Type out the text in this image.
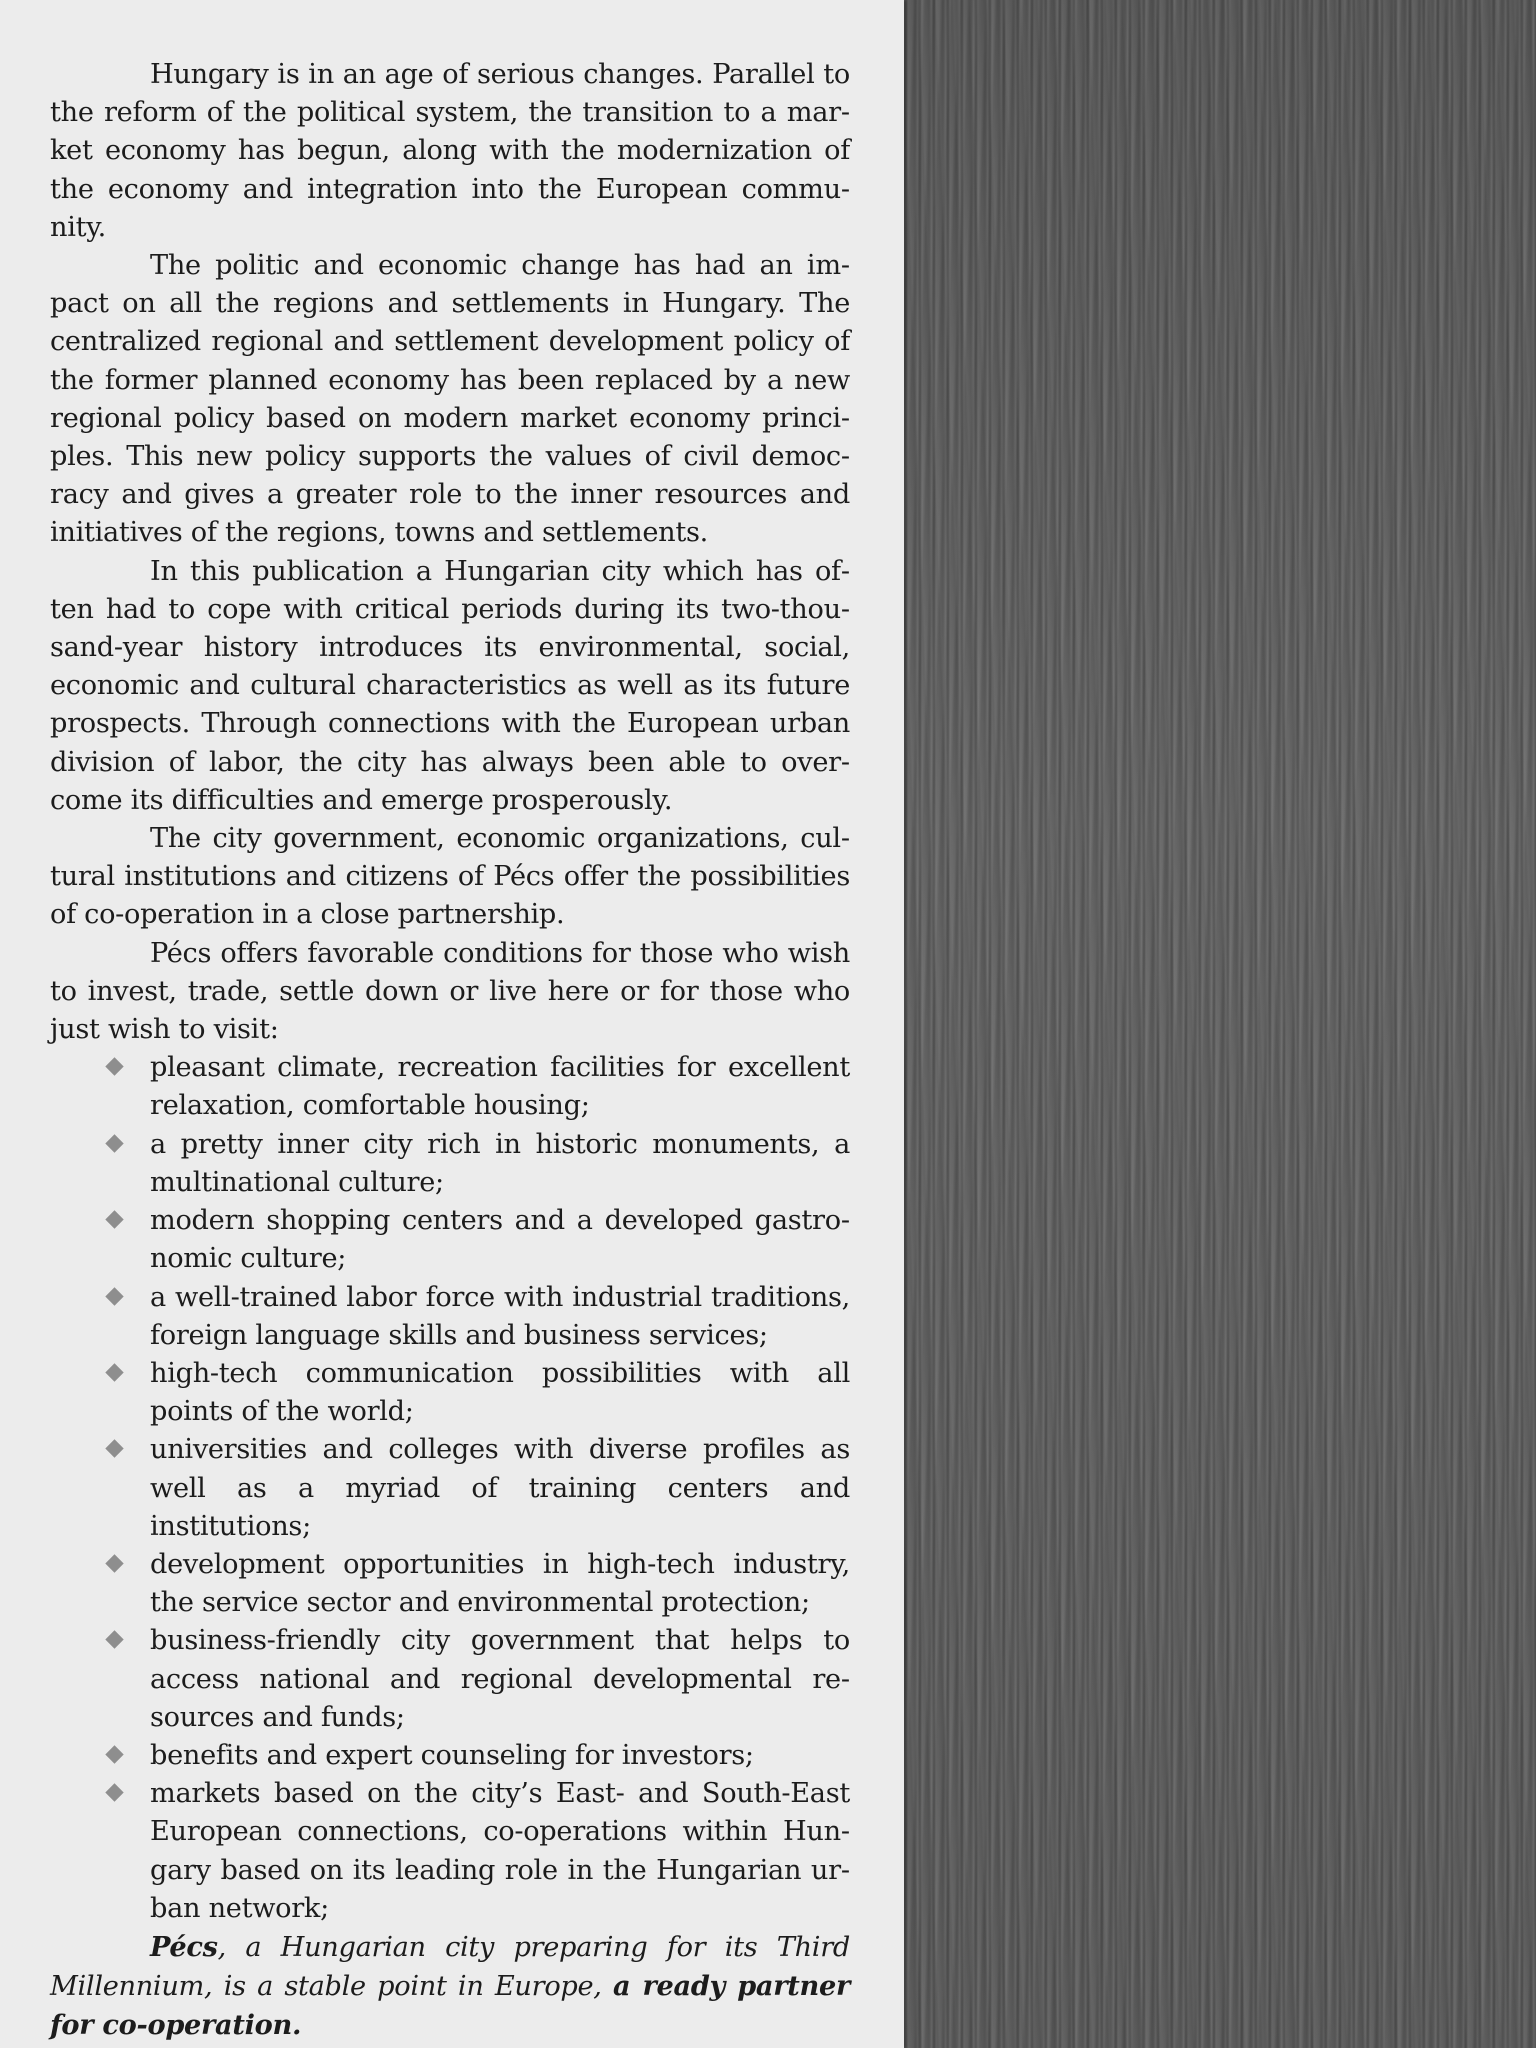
Hungary is in an age of serious changes. Parallel to the reform of the political system, the transition to a market economy has begun, along with the modernization of the economy and integration into the European community.

The politic and economic change has had an impact on all the regions and settlements in Hungary. The centralized regional and settlement development policy of the former planned economy has been replaced by a new regional policy based on modern market economy principles. This new policy supports the values of civil democracy and gives a greater role to the inner resources and initiatives of the regions, towns and settlements.

In this publication a Hungarian city which has often had to cope with critical periods during its two-thousand-year history introduces its environmental, social, economic and cultural characteristics as well as its future prospects. Through connections with the European urban division of labor, the city has always been able to overcome its difficulties and emerge prosperously.

The city government, economic organizations, cultural institutions and citizens of Pécs offer the possibilities of co-operation in a close partnership.

Pécs offers favorable conditions for those who wish to invest, trade, settle down or live here or for those who just wish to visit:

pleasant climate, recreation facilities for excellent relaxation, comfortable housing;
a pretty inner city rich in historic monuments, a multinational culture;
modern shopping centers and a developed gastronomic culture;
a well-trained labor force with industrial traditions, foreign language skills and business services;
high-tech communication possibilities with all points of the world;
universities and colleges with diverse profiles as well as a myriad of training centers and institutions;
development opportunities in high-tech industry, the service sector and environmental protection;
business-friendly city government that helps to access national and regional developmental resources and funds;
benefits and expert counseling for investors;
markets based on the city’s East- and South-East European connections, co-operations within Hungary based on its leading role in the Hungarian urban network;

Pécs, a Hungarian city preparing for its Third Millennium, is a stable point in Europe, a ready partner for co-operation.
